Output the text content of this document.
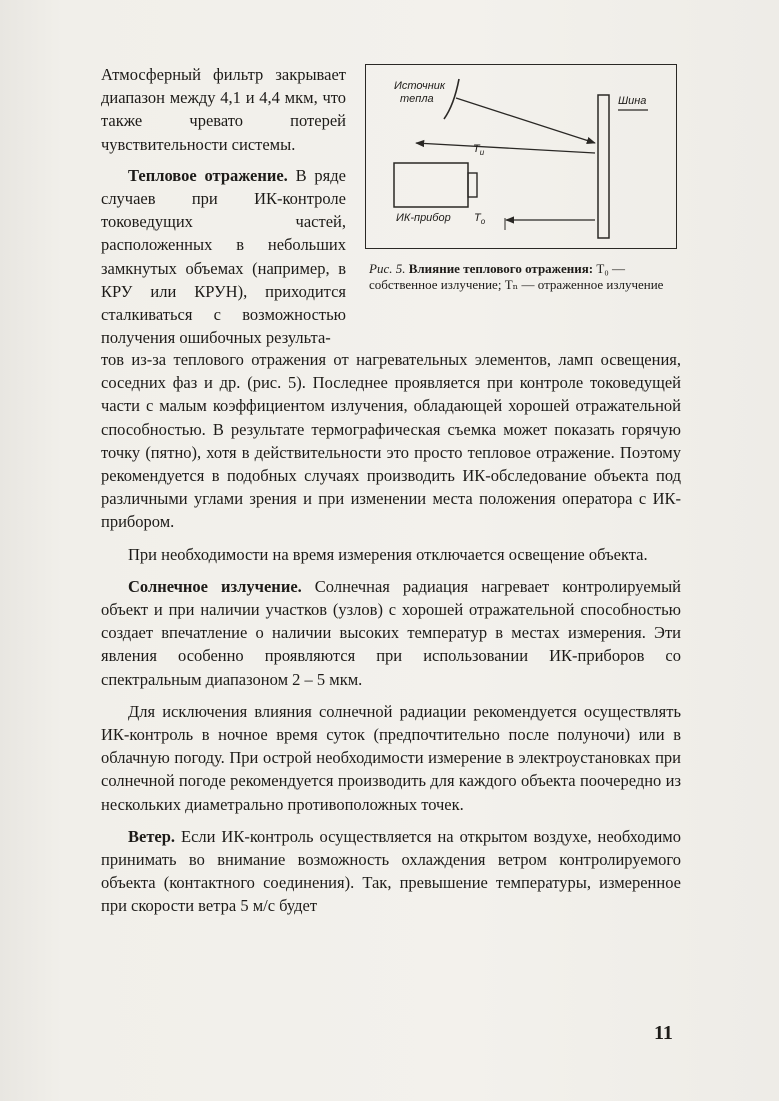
Атмосферный фильтр закрывает диапазон между 4,1 и 4,4 мкм, что также чревато потерей чувствительности системы.

Тепловое отражение. В ряде случаев при ИК-контроле токоведущих частей, расположенных в небольших замкнутых объемах (например, в КРУ или КРУН), приходится сталкиваться с возможностью получения ошибочных результа-

Источник
тепла	Шина
$Т_и$
ИК-прибор $Т_о$

Рис. 5. Влияние теплового отражения: Т₀ — собственное излучение; Тₙ — отраженное излучение

тов из-за теплового отражения от нагревательных элементов, ламп освещения, соседних фаз и др. (рис. 5). Последнее проявляется при контроле токоведущей части с малым коэффициентом излучения, обладающей хорошей отражательной способностью. В результате термографическая съемка может показать горячую точку (пятно), хотя в действительности это просто тепловое отражение. Поэтому рекомендуется в подобных случаях производить ИК-обследование объекта под различными углами зрения и при изменении места положения оператора с ИК-прибором.

При необходимости на время измерения отключается освещение объекта.

Солнечное излучение. Солнечная радиация нагревает контролируемый объект и при наличии участков (узлов) с хорошей отражательной способностью создает впечатление о наличии высоких температур в местах измерения. Эти явления особенно проявляются при использовании ИК-приборов со спектральным диапазоном 2 – 5 мкм.

Для исключения влияния солнечной радиации рекомендуется осуществлять ИК-контроль в ночное время суток (предпочтительно после полуночи) или в облачную погоду. При острой необходимости измерение в электроустановках при солнечной погоде рекомендуется производить для каждого объекта поочередно из нескольких диаметрально противоположных точек.

Ветер. Если ИК-контроль осуществляется на открытом воздухе, необходимо принимать во внимание возможность охлаждения ветром контролируемого объекта (контактного соединения). Так, превышение температуры, измеренное при скорости ветра 5 м/с будет

11
